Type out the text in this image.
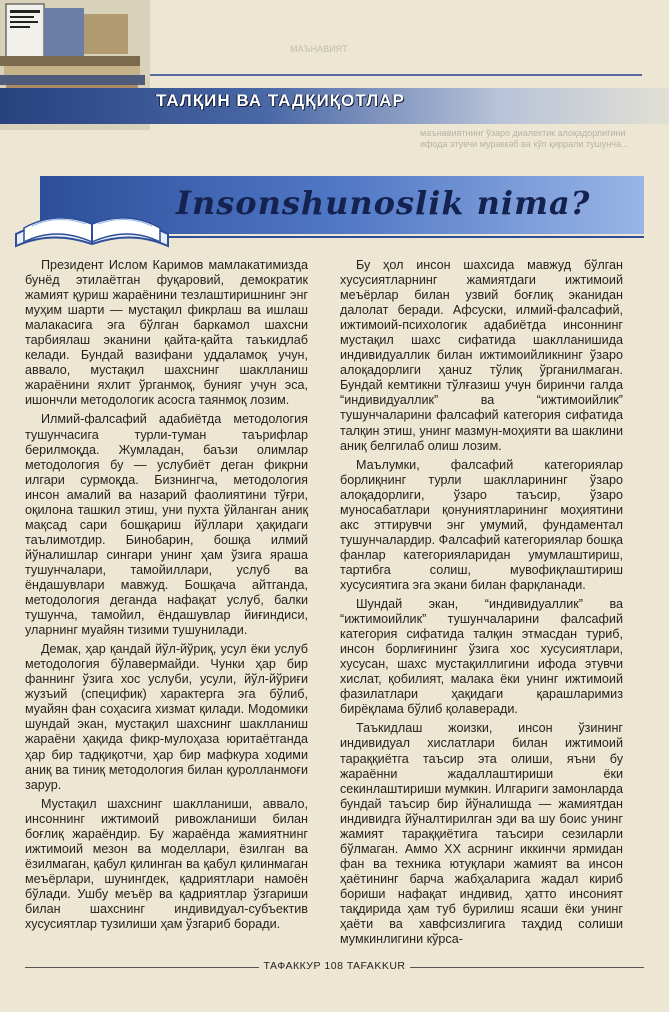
МАЪНАВИЯТ
ТАЛҚИН ВА ТАДҚИҚОТЛАР
маънавиятнинг ўзаро диалектик алоқадорлигини ифода этувчи мураккаб ва кўп қиррали тушунча...
Insonshunoslik nima?

Президент Ислом Каримов мамлакатимизда бунёд этилаётган фуқаровий, демократик жамият қуриш жараёнини тезлаштиришнинг энг муҳим шарти — мустақил фикрлаш ва ишлаш малакасига эга бўлган баркамол шахсни тарбиялаш эканини қайта-қайта таъкидлаб келади. Бундай вазифани уддаламоқ учун, аввало, мустақил шахснинг шаклланиш жараёнини яхлит ўрганмоқ, бунияг учун эса, ишончли методологик асосга таянмоқ лозим.

Илмий-фалсафий адабиётда методология тушунчасига турли-туман таърифлар берилмоқда. Жумладан, баъзи олимлар методология бу — услубиёт деган фикрни илгари сурмоқда. Бизнингча, методология инсон амалий ва назарий фаолиятини тўғри, оқилона ташкил этиш, уни пухта ўйланган аниқ мақсад сари бошқариш йўллари ҳақидаги таълимотдир. Бинобарин, бошқа илмий йўналишлар сингари унинг ҳам ўзига яраша тушунчалари, тамойиллари, услуб ва ёндашувлари мавжуд. Бошқача айтганда, методология деганда нафақат услуб, балки тушунча, тамойил, ёндашувлар йиғиндиси, уларнинг муайян тизими тушунилади.

Демак, ҳар қандай йўл-йўриқ, усул ёки услуб методология бўлавермайди. Чунки ҳар бир фаннинг ўзига хос услуби, усули, йўл-йўриғи жузъий (специфик) характерга эга бўлиб, муайян фан соҳасига хизмат қилади. Модомики шундай экан, мустақил шахснинг шаклланиш жараёни ҳақида фикр-мулоҳаза юритаётганда ҳар бир тадқиқотчи, ҳар бир мафкура ходими аниқ ва тиниқ методология билан қуролланмоғи зарур.

Мустақил шахснинг шаклланиши, аввало, инсоннинг ижтимоий ривожланиши билан боғлиқ жараёндир. Бу жараёнда жамиятнинг ижтимоий мезон ва моделлари, ёзилган ва ёзилмаган, қабул қилинган ва қабул қилинмаган меъёрлари, шунингдек, қадриятлари намоён бўлади. Ушбу меъёр ва қадриятлар ўзгариши билан шахснинг индивидуал-субъектив хусусиятлар тузилиши ҳам ўзгариб боради.

Бу ҳол инсон шахсида мавжуд бўлган хусусиятларнинг жамиятдаги ижтимоий меъёрлар билан узвий боғлиқ эканидан далолат беради. Афсуски, илмий-фалсафий, ижтимоий-психологик адабиётда инсоннинг мустақил шахс сифатида шаклланишида индивидуаллик билан ижтимоийликнинг ўзаро алоқадорлиги ҳанuz тўлиқ ўрганилмаган. Бундай кемтикни тўлғазиш учун биринчи галда “индивидуаллик” ва “ижтимоийлик” тушунчаларини фалсафий категория сифатида талқин этиш, унинг мазмун-моҳияти ва шаклини аниқ белгилаб олиш лозим.

Маълумки, фалсафий категориялар борлиқнинг турли шаклларининг ўзаро алоқадорлиги, ўзаро таъсир, ўзаро муносабатлари қонуниятларининг моҳиятини акс эттирувчи энг умумий, фундаментал тушунчалардир. Фалсафий категориялар бошқа фанлар категорияларидан умумлаштириш, тартибга солиш, мувофиқлаштириш хусусиятига эга экани билан фарқланади.

Шундай экан, “индивидуаллик” ва “ижтимоийлик” тушунчаларини фалсафий категория сифатида талқин этмасдан туриб, инсон борлиғининг ўзига хос хусусиятлари, хусусан, шахс мустақиллигини ифода этувчи хислат, қобилият, малака ёки унинг ижтимоий фазилатлари ҳақидаги қарашларимиз бирёқлама бўлиб қолаверади.

Таъкидлаш жоизки, инсон ўзининг индивидуал хислатлари билан ижтимоий тараққиётга таъсир эта олиши, яъни бу жараённи жадаллаштириши ёки секинлаштириши мумкин. Илгариги замонларда бундай таъсир бир йўналишда — жамиятдан индивидга йўналтирилган эди ва шу боис унинг жамият тараққиётига таъсири сезиларли бўлмаган. Аммо XX асрнинг иккинчи ярмидан фан ва техника ютуқлари жамият ва инсон ҳаётининг барча жабҳаларига жадал кириб бориши нафақат индивид, ҳатто инсоният тақдирида ҳам туб бурилиш ясаши ёки унинг ҳаёти ва хавфсизлигига таҳдид солиши мумкинлигини кўрса-

ТАФАККУР 108 TAFAKKUR
